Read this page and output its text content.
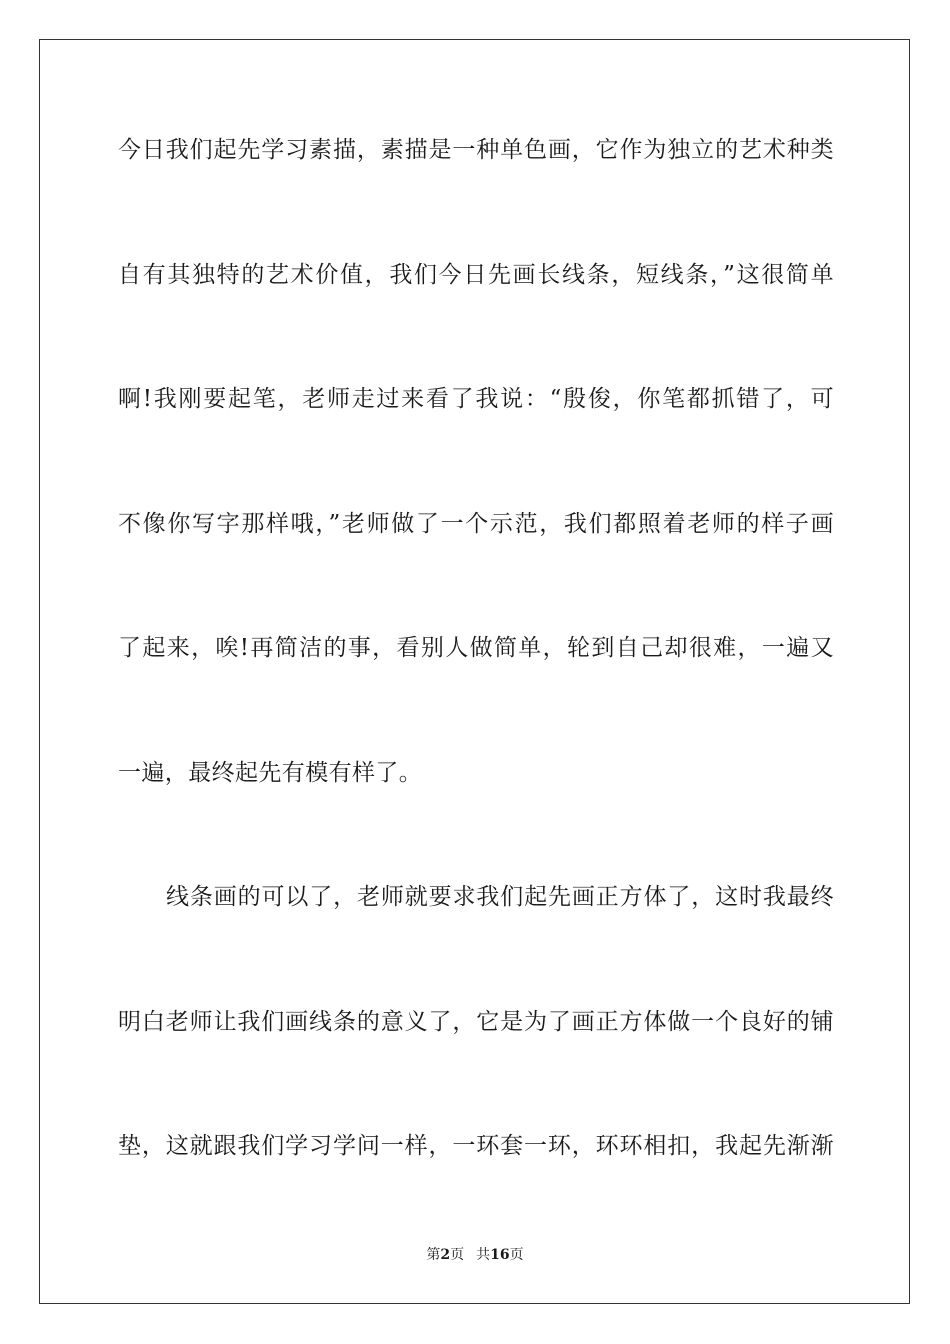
今日我们起先学习素描，素描是一种单色画，它作为独立的艺术种类
自有其独特的艺术价值，我们今日先画长线条，短线条，”这很简单
啊!我刚要起笔，老师走过来看了我说：“殷俊，你笔都抓错了，可
不像你写字那样哦，”老师做了一个示范，我们都照着老师的样子画
了起来，唉!再简洁的事，看别人做简单，轮到自己却很难，一遍又
一遍，最终起先有模有样了。
线条画的可以了，老师就要求我们起先画正方体了，这时我最终
明白老师让我们画线条的意义了，它是为了画正方体做一个良好的铺
垫，这就跟我们学习学问一样，一环套一环，环环相扣，我起先渐渐
第2页 共16页
